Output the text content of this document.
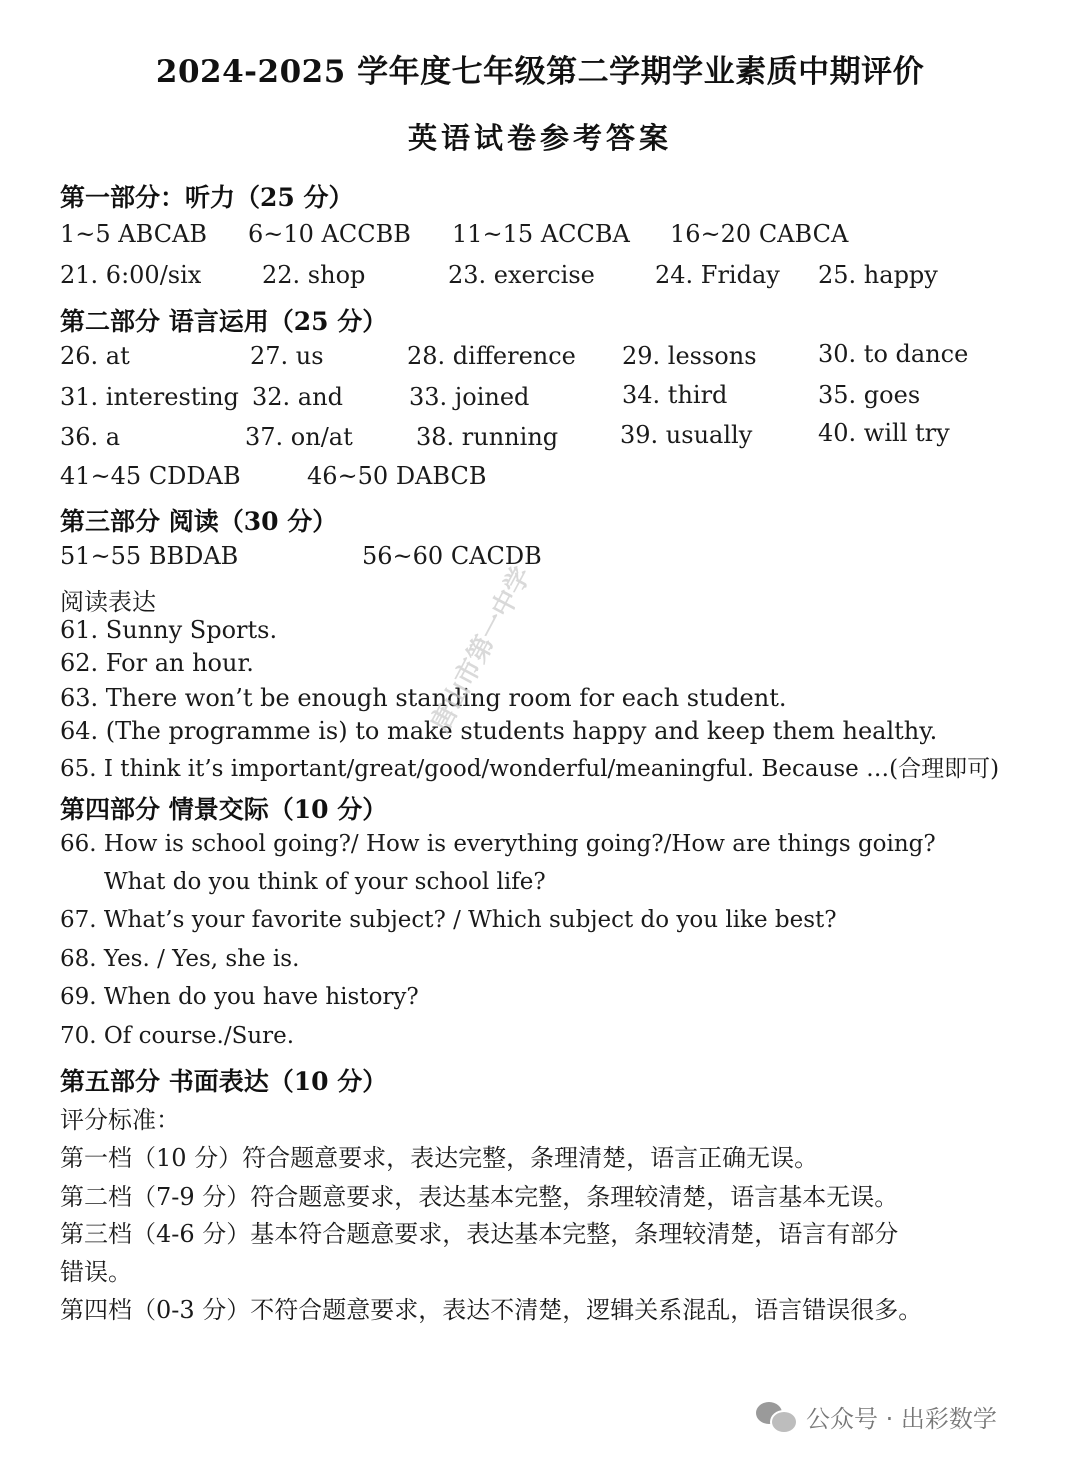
2024-2025 学年度七年级第二学期学业素质中期评价
英语试卷参考答案
第一部分：听力（25 分）
1~5 ABCAB 6~10 ACCBB 11~15 ACCBA 16~20 CABCA
21. 6:00/six	22. shop	23. exercise	24. Friday 25. happy
第二部分 语言运用（25 分）
26. at	27. us	28. difference 29. lessons	30. to dance
31. interesting 32. and	33. joined	34. third	35. goes
36. a	37. on/at	38. running	39. usually	40. will try
41~45 CDDAB	46~50 DABCB
第三部分 阅读（30 分）
51~55 BBDAB	56~60 CACDB
阅读表达
61. Sunny Sports.
62. For an hour.
63. There won’t be enough standing room for each student.
64. (The programme is) to make students happy and keep them healthy.
65. I think it’s important/great/good/wonderful/meaningful. Because …(合理即可)
第四部分 情景交际（10 分）
66. How is school going?/ How is everything going?/How are things going?
What do you think of your school life?
67. What’s your favorite subject? / Which subject do you like best?
68. Yes. / Yes, she is.
69. When do you have history?
70. Of course./Sure.
第五部分 书面表达（10 分）
评分标准：
第一档（10 分）符合题意要求，表达完整，条理清楚，语言正确无误。
第二档（7-9 分）符合题意要求，表达基本完整，条理较清楚，语言基本无误。
第三档（4-6 分）基本符合题意要求，表达基本完整，条理较清楚，语言有部分
错误。
第四档（0-3 分）不符合题意要求，表达不清楚，逻辑关系混乱，语言错误很多。
唐山市第一中学
公众号 · 出彩数学
